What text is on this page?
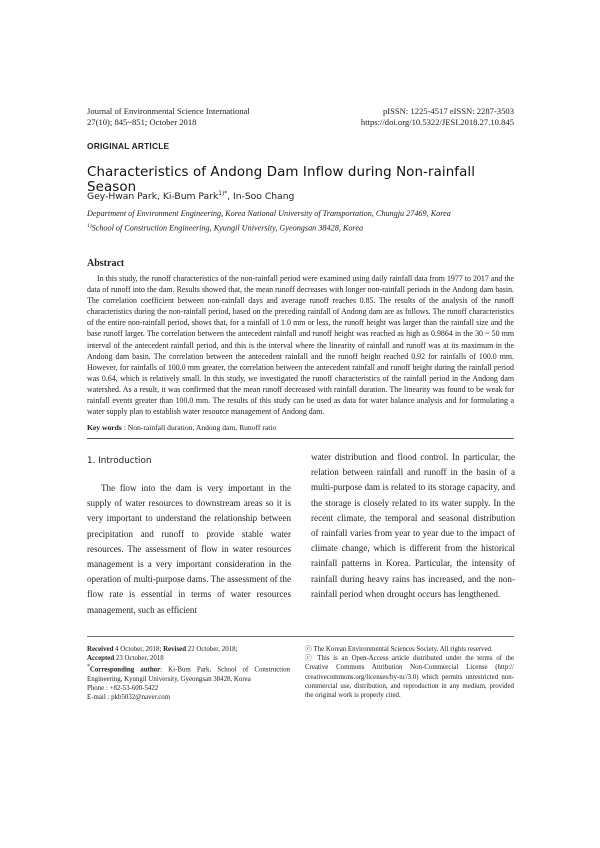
Journal of Environmental Science International
27(10); 845~851; October 2018
pISSN: 1225-4517 eISSN: 2287-3503
https://doi.org/10.5322/JESI.2018.27.10.845
ORIGINAL ARTICLE
Characteristics of Andong Dam Inflow during Non-rainfall Season
Gey-Hwan Park, Ki-Bum Park$^{1)*}$, In-Soo Chang
Department of Environment Engineering, Korea National University of Transportation, Chungju 27469, Korea
$^{1)}$School of Construction Engineering, Kyungil University, Gyeongsan 38428, Korea
Abstract
In this study, the runoff characteristics of the non-rainfall period were examined using daily rainfall data from 1977 to 2017 and the data of runoff into the dam. Results showed that, the mean runoff decreases with longer non-rainfall periods in the Andong dam basin. The correlation coefficient between non-rainfall days and average runoff reaches 0.85. The results of the analysis of the runoff characteristics during the non-rainfall period, based on the preceding rainfall of Andong dam are as follows. The runoff characteristics of the entire non-rainfall period, shows that, for a rainfall of 1.0 mm or less, the runoff height was larger than the rainfall size and the base runoff larger. The correlation between the antecedent rainfall and runoff height was reached as high as 0.9864 in the 30 ~ 50 mm interval of the antecedent rainfall period, and this is the interval where the linearity of rainfall and runoff was at its maximum in the Andong dam basin. The correlation between the antecedent rainfall and the runoff height reached 0.92 for rainfalls of 100.0 mm. However, for rainfalls of 100.0 mm greater, the correlation between the antecedent rainfall and runoff height during the rainfall period was 0.64, which is relatively small. In this study, we investigated the runoff characteristics of the rainfall period in the Andong dam watershed. As a result, it was confirmed that the mean runoff decreased with rainfall duration. The linearity was found to be weak for rainfall events greater than 100.0 mm. The results of this study can be used as data for water balance analysis and for formulating a water supply plan to establish water resource management of Andong dam.
Key words : Non-rainfall duration, Andong dam, Runoff ratio
1. Introduction

The flow into the dam is very important in the supply of water resources to downstream areas so it is very important to understand the relationship between precipitation and runoff to provide stable water resources. The assessment of flow in water resources management is a very important consideration in the operation of multi-purpose dams. The assessment of the flow rate is essential in terms of water resources management, such as efficient

water distribution and flood control. In particular, the relation between rainfall and runoff in the basin of a multi-purpose dam is related to its storage capacity, and the storage is closely related to its water supply. In the recent climate, the temporal and seasonal distribution of rainfall varies from year to year due to the impact of climate change, which is different from the historical rainfall patterns in Korea. Particular, the intensity of rainfall during heavy rains has increased, and the non-rainfall period when drought occurs has lengthened.

Received 4 October, 2018; Revised 22 October, 2018;
Accepted 23 October, 2018
*Corresponding author: Ki-Bum Park, School of Construction Engineering, Kyungil University, Gyeongsan 38428, Korea
Phone : +82-53-600-5422
E-mail : pkb5032@naver.com
ⓒ The Korean Environmental Sciences Society. All rights reserved.
ⓒ This is an Open-Access article distributed under the terms of the Creative Commons Attribution Non-Commercial License (http:// creativecommons.org/licenses/by-nc/3.0) which permits unrestricted non-commercial use, distribution, and reproduction in any medium, provided the original work is properly cited.
